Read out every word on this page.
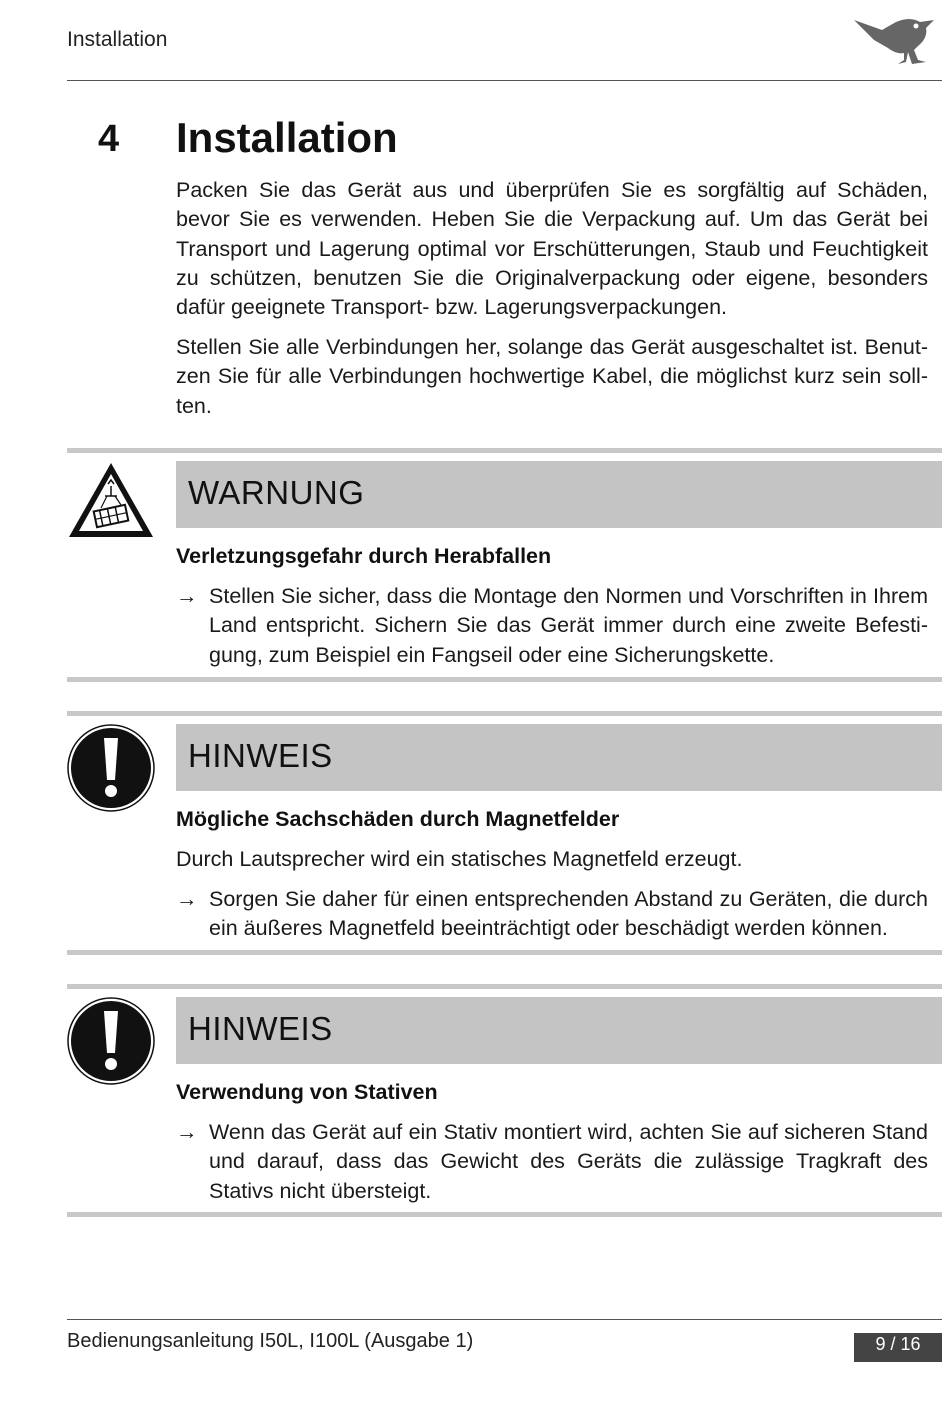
Installation
4 Installation
Packen Sie das Gerät aus und überprüfen Sie es sorgfältig auf Schäden, bevor Sie es verwenden. Heben Sie die Verpackung auf. Um das Gerät bei Transport und Lagerung optimal vor Erschütterungen, Staub und Feuchtigkeit zu schützen, benutzen Sie die Originalverpackung oder eigene, besonders dafür geeignete Transport- bzw. Lagerungsverpackungen.
Stellen Sie alle Verbindungen her, solange das Gerät ausgeschaltet ist. Benutzen Sie für alle Verbindungen hochwertige Kabel, die möglichst kurz sein sollten.
WARNUNG
Verletzungsgefahr durch Herabfallen
→ Stellen Sie sicher, dass die Montage den Normen und Vorschriften in Ihrem Land entspricht. Sichern Sie das Gerät immer durch eine zweite Befestigung, zum Beispiel ein Fangseil oder eine Sicherungskette.
HINWEIS
Mögliche Sachschäden durch Magnetfelder
Durch Lautsprecher wird ein statisches Magnetfeld erzeugt.
→ Sorgen Sie daher für einen entsprechenden Abstand zu Geräten, die durch ein äußeres Magnetfeld beeinträchtigt oder beschädigt werden können.
HINWEIS
Verwendung von Stativen
→ Wenn das Gerät auf ein Stativ montiert wird, achten Sie auf sicheren Stand und darauf, dass das Gewicht des Geräts die zulässige Tragkraft des Stativs nicht übersteigt.
Bedienungsanleitung I50L, I100L (Ausgabe 1)	9 / 16
